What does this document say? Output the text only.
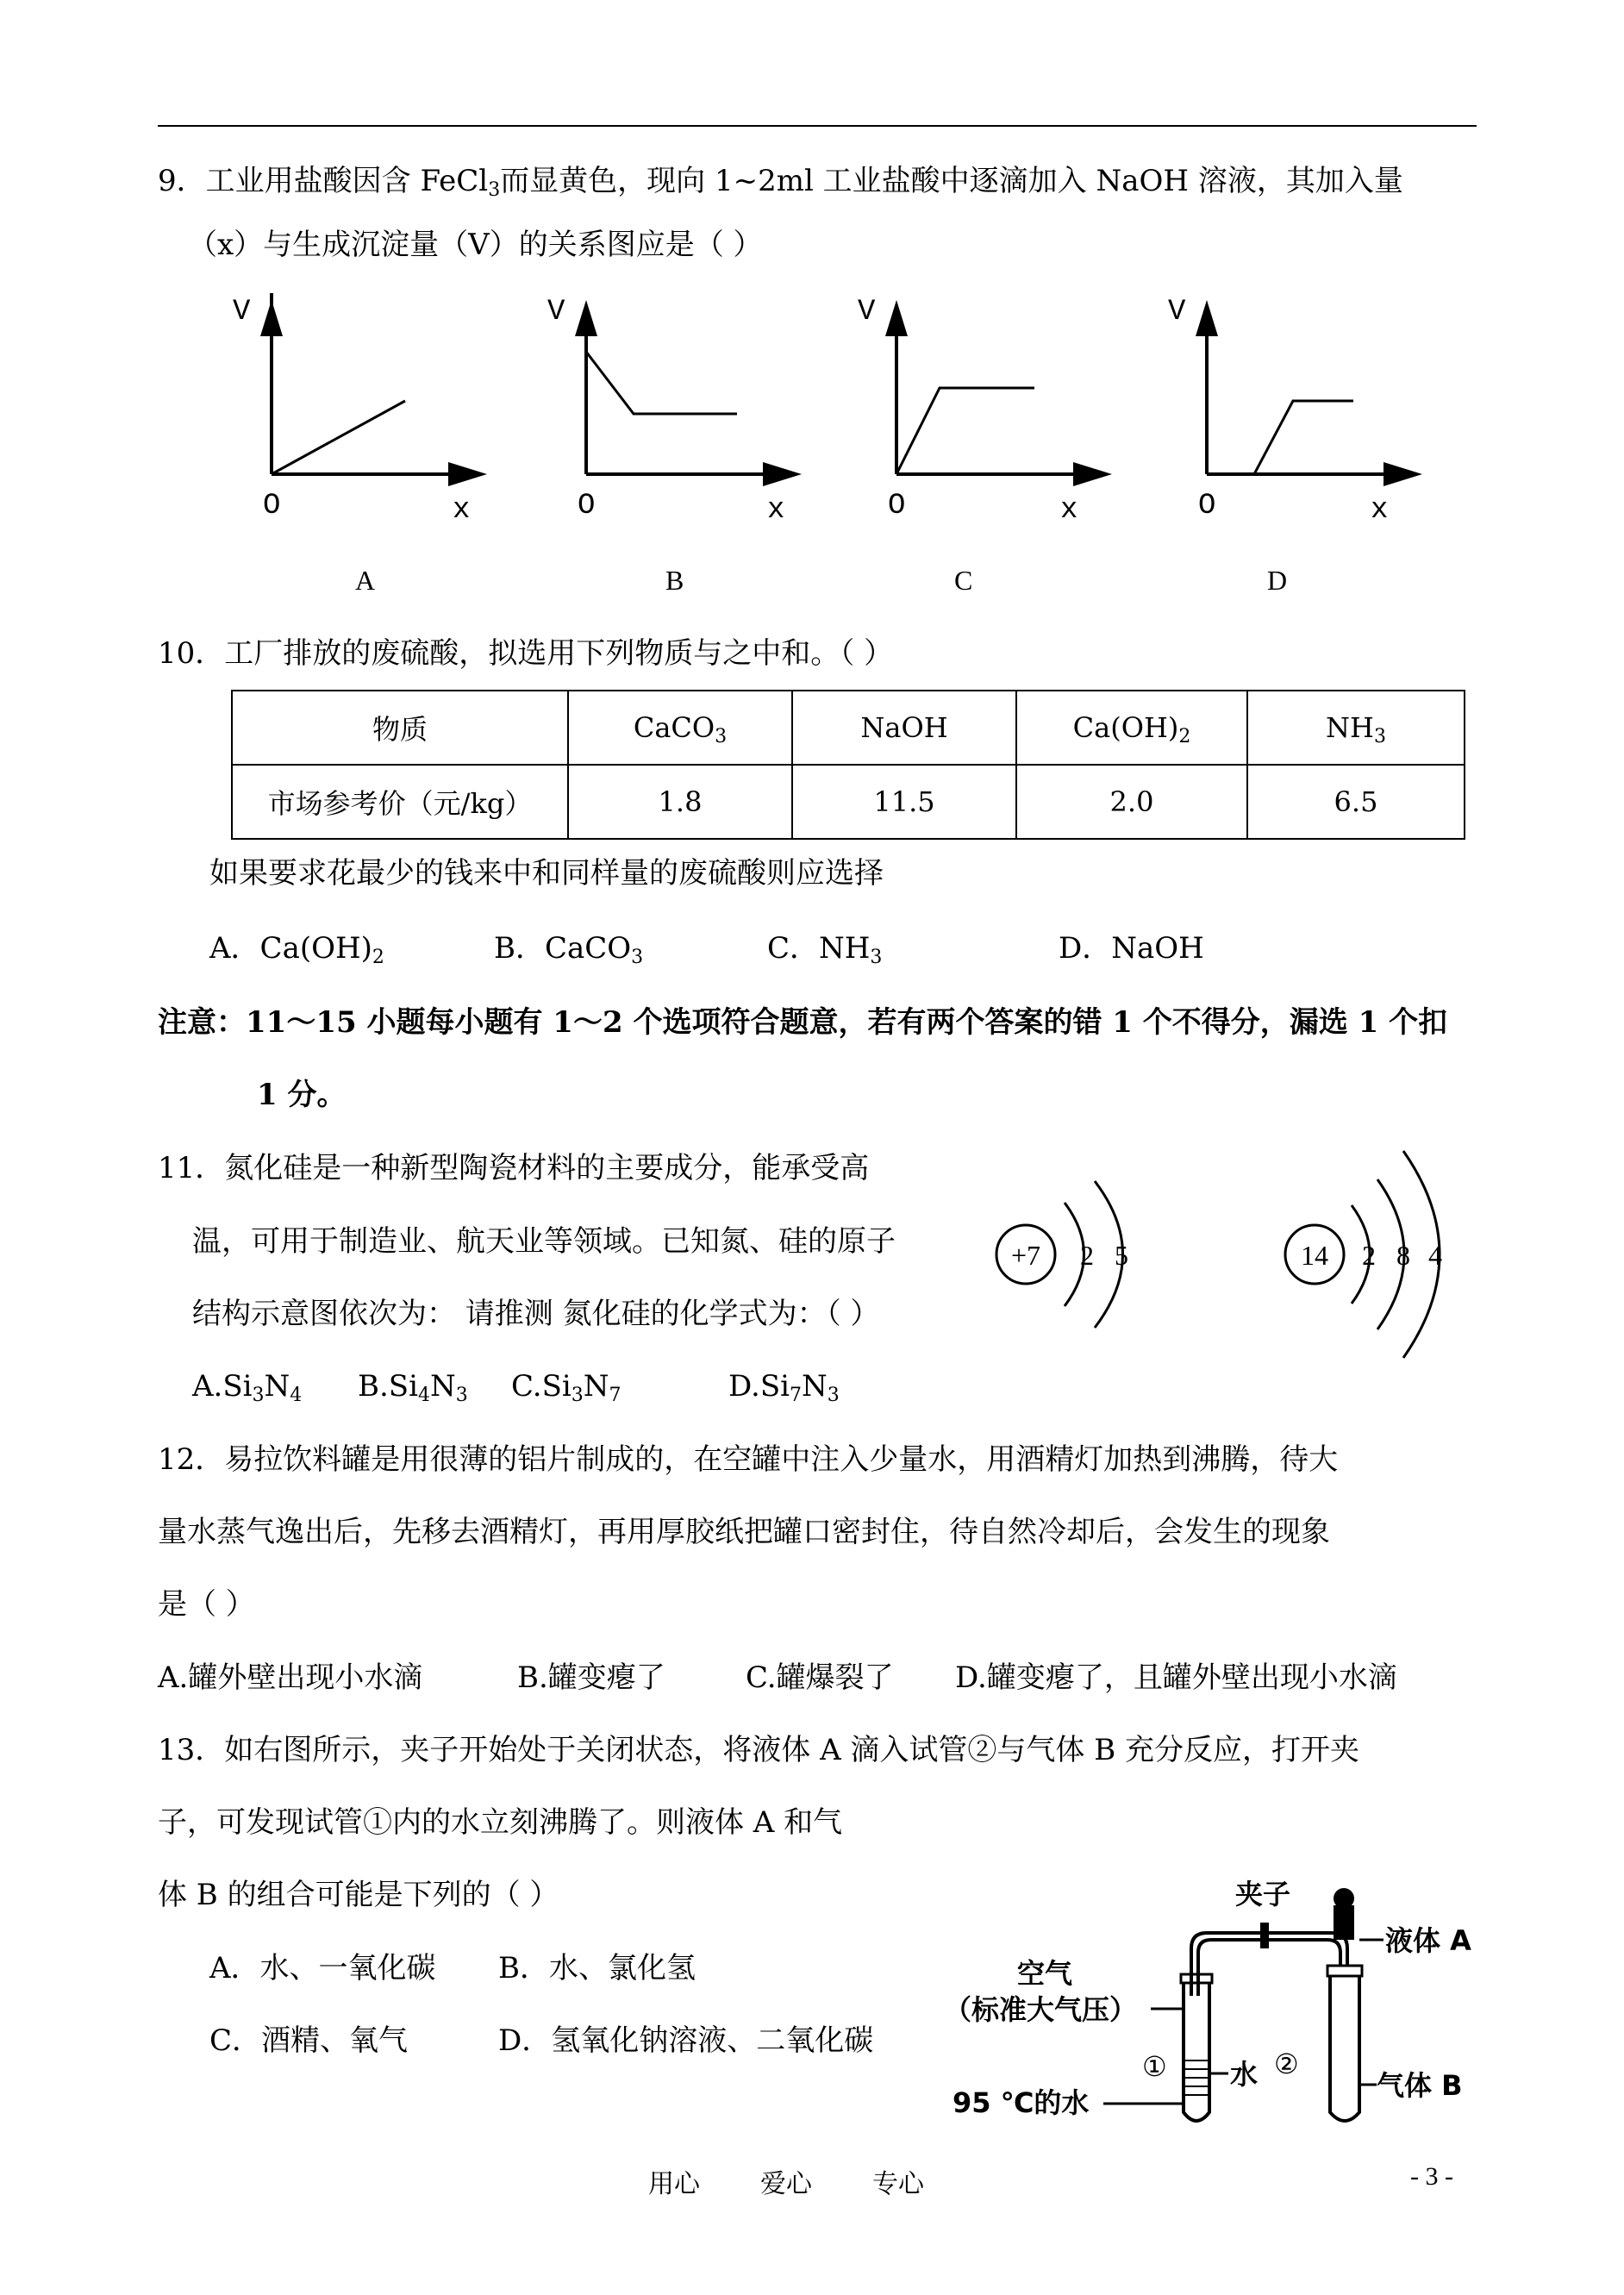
9．工业用盐酸因含 FeCl$_3$而显黄色，现向 1~2ml 工业盐酸中逐滴加入 NaOH 溶液，其加入量
（x）与生成沉淀量（V）的关系图应是（ ）
V
O	x
A
V
O	x
B
V
O	x
C
V
O	x
D
10．工厂排放的废硫酸，拟选用下列物质与之中和。（ ）
物质	CaCO$_3$	NaOH	$Ca(OH)_2$	$NH_3$
市场参考价（元/kg）	1.8	11.5	2.0	6.5
如果要求花最少的钱来中和同样量的废硫酸则应选择
A．$Ca(OH)_2$	B．CaCO$_3$	C．$NH_3$	D．NaOH
注意：11～15 小题每小题有 1～2 个选项符合题意，若有两个答案的错 1 个不得分，漏选 1 个扣
1 分。
11．氮化硅是一种新型陶瓷材料的主要成分，能承受高
温，可用于制造业、航天业等领域。已知氮、硅的原子
结构示意图依次为： 请推测 氮化硅的化学式为：（ ）
$A.Si_3N_4$ $B.Si_4N_3$ $C.Si_3N_7$	$D.Si_7N_3$
+7 2 5	14 2 8 4
12．易拉饮料罐是用很薄的铝片制成的，在空罐中注入少量水，用酒精灯加热到沸腾，待大
量水蒸气逸出后，先移去酒精灯，再用厚胶纸把罐口密封住，待自然冷却后，会发生的现象
是（ ）
A.罐外壁出现小水滴	B.罐变瘪了	C.罐爆裂了 D.罐变瘪了，且罐外壁出现小水滴
13．如右图所示，夹子开始处于关闭状态，将液体 A 滴入试管②与气体 B 充分反应，打开夹
子，可发现试管①内的水立刻沸腾了。则液体 A 和气
体 B 的组合可能是下列的（ ）
A．水、一氧化碳 B．水、氯化氢
C．酒精、氧气	D．氢氧化钠溶液、二氧化碳
夹子
液体 A
空气
（标准大气压）
①
95 ℃的水
水 ②
气体 B
用心 爱心 专心	- 3 -
